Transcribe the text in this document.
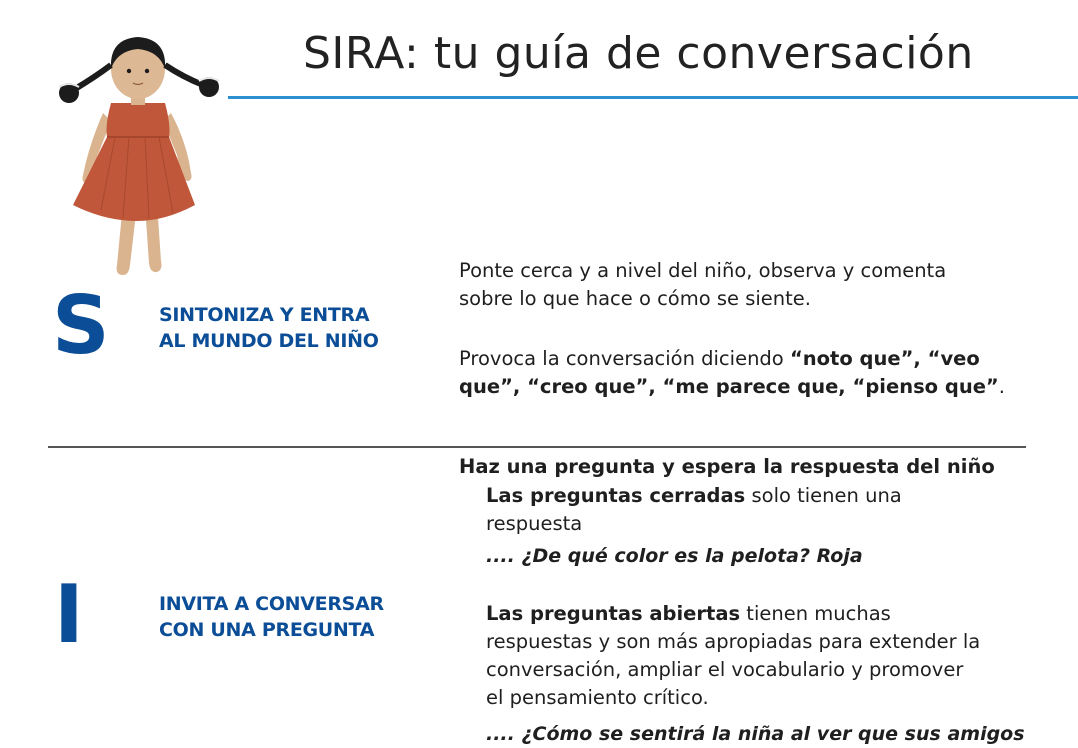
SIRA: tu guía de conversación
S	SINTONIZA Y ENTRA
AL MUNDO DEL NIÑO
Ponte cerca y a nivel del niño, observa y comenta
sobre lo que hace o cómo se siente.
Provoca la conversación diciendo “noto que”, “veo
que”, “creo que”, “me parece que, “pienso que”.
I	INVITA A CONVERSAR
CON UNA PREGUNTA
Haz una pregunta y espera la respuesta del niño
Las preguntas cerradas solo tienen una
respuesta
.... ¿De qué color es la pelota? Roja
Las preguntas abiertas tienen muchas
respuestas y son más apropiadas para extender la
conversación, ampliar el vocabulario y promover
el pensamiento crítico.
.... ¿Cómo se sentirá la niña al ver que sus amigos
